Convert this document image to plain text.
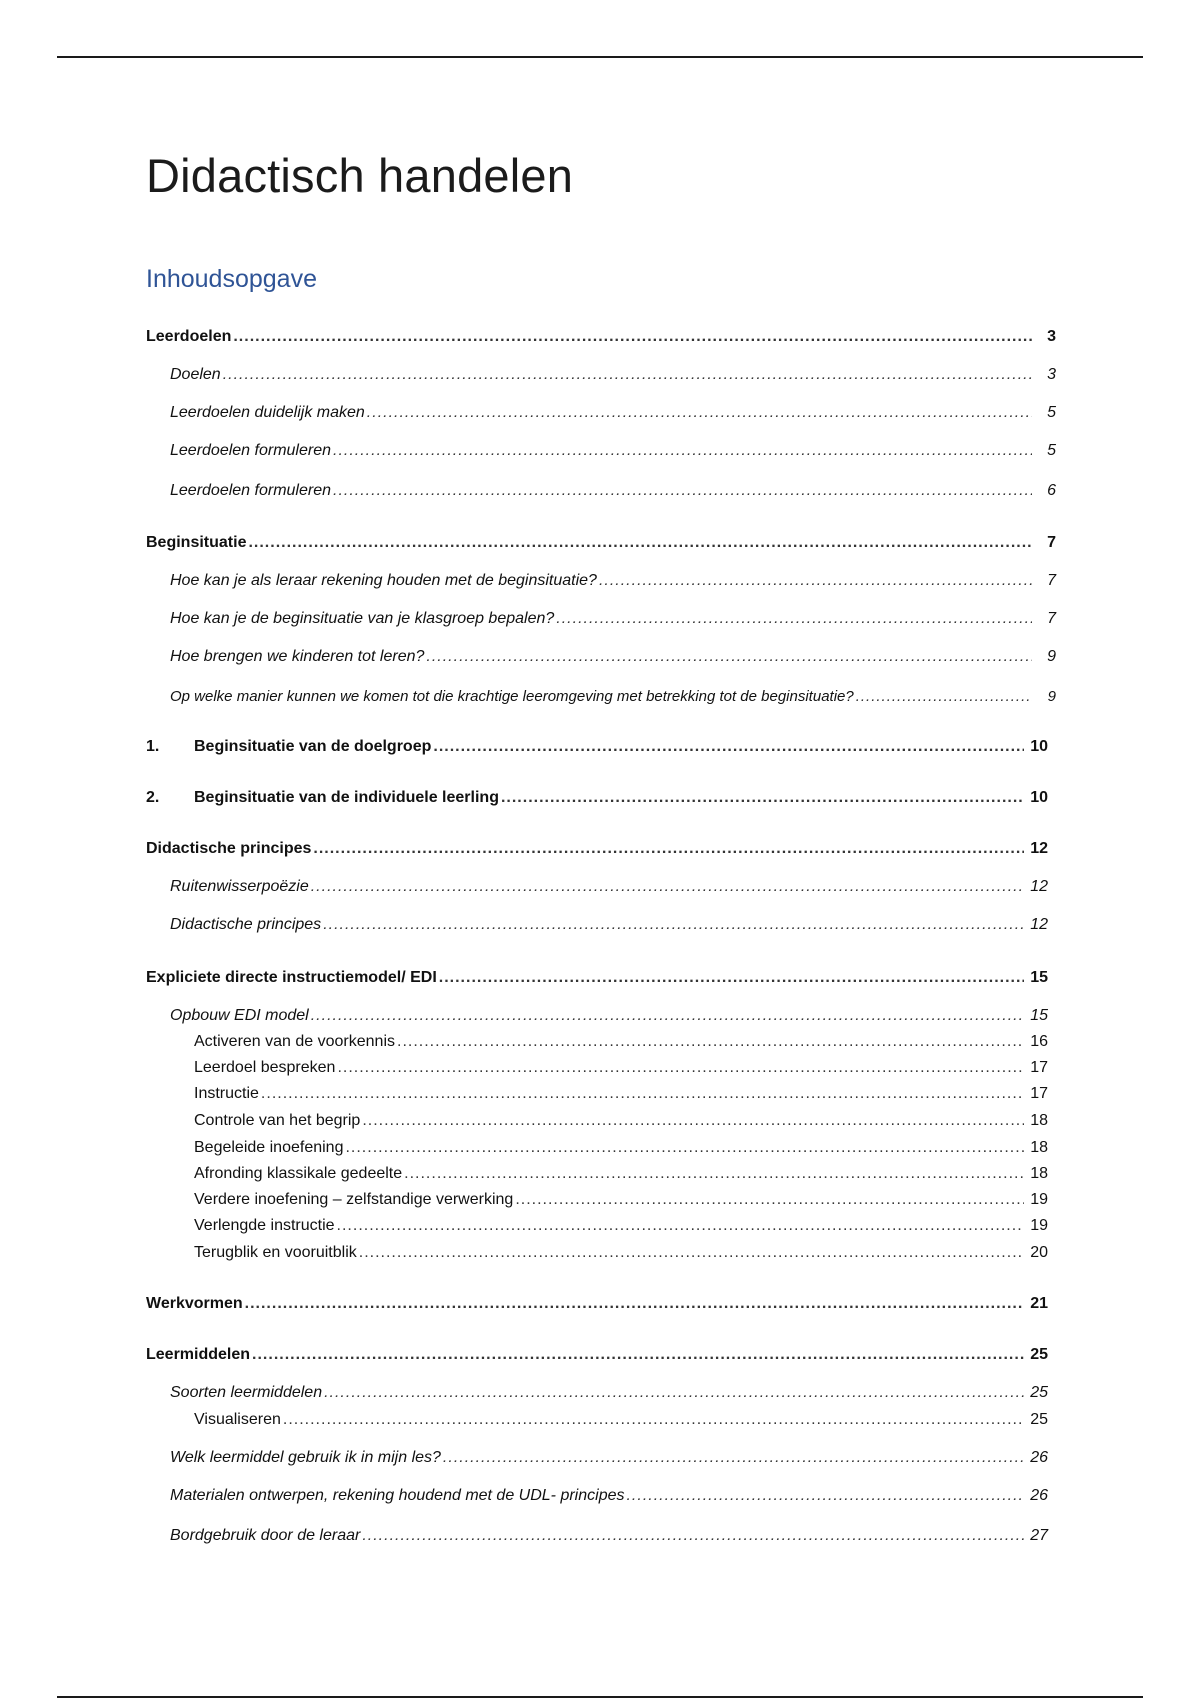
Didactisch handelen
Inhoudsopgave
Leerdoelen .....	3
Doelen .....	3
Leerdoelen duidelijk maken .....	5
Leerdoelen formuleren .....	5
Leerdoelen formuleren .....	6
Beginsituatie .....	7
Hoe kan je als leraar rekening houden met de beginsituatie? .....	7
Hoe kan je de beginsituatie van je klasgroep bepalen? .....	7
Hoe brengen we kinderen tot leren? .....	9
Op welke manier kunnen we komen tot die krachtige leeromgeving met betrekking tot de beginsituatie? .....	9
1.	Beginsituatie van de doelgroep .....	10
2.	Beginsituatie van de individuele leerling .....	10
Didactische principes .....	12
Ruitenwisserpoëzie .....	12
Didactische principes .....	12
Expliciete directe instructiemodel/ EDI .....	15
Opbouw EDI model .....	15
Activeren van de voorkennis .....	16
Leerdoel bespreken .....	17
Instructie .....	17
Controle van het begrip .....	18
Begeleide inoefening .....	18
Afronding klassikale gedeelte .....	18
Verdere inoefening – zelfstandige verwerking .....	19
Verlengde instructie .....	19
Terugblik en vooruitblik .....	20
Werkvormen .....	21
Leermiddelen .....	25
Soorten leermiddelen .....	25
Visualiseren .....	25
Welk leermiddel gebruik ik in mijn les? .....	26
Materialen ontwerpen, rekening houdend met de UDL- principes .....	26
Bordgebruik door de leraar .....	27
